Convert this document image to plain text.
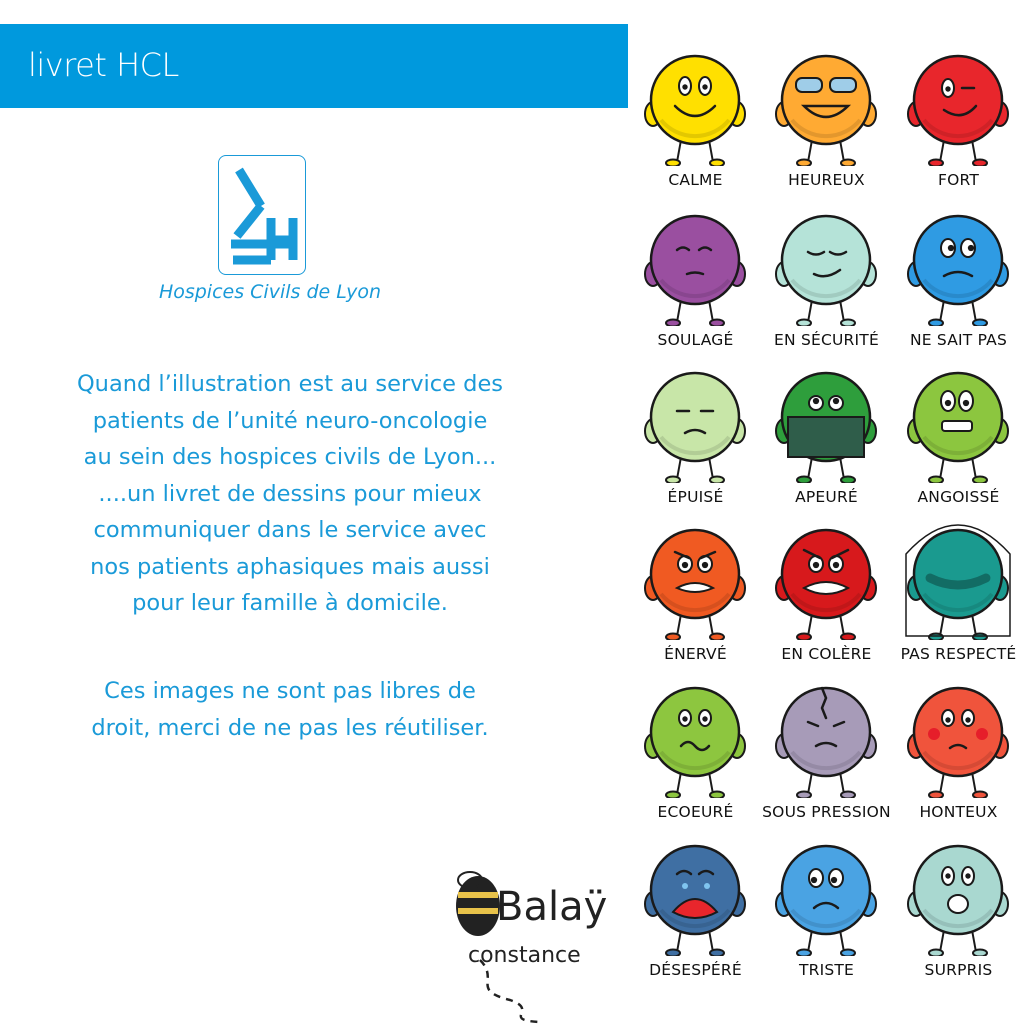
livret HCL
Hospices Civils de Lyon
Quand l’illustration est au service des
patients de l’unité neuro-oncologie
au sein des hospices civils de Lyon...
....un livret de dessins pour mieux
communiquer dans le service avec
nos patients aphasiques mais aussi
pour leur famille à domicile.
Ces images ne sont pas libres de
droit, merci de ne pas les réutiliser.
Balaÿ
constance
CALME	HEUREUX	FORT
SOULAGÉ	EN SÉCURITÉ	NE SAIT PAS
ÉPUISÉ	APEURÉ	ANGOISSÉ
ÉNERVÉ	EN COLÈRE	PAS RESPECTÉ
ECOEURÉ	SOUS PRESSION	HONTEUX
DÉSESPÉRÉ	TRISTE	SURPRIS
